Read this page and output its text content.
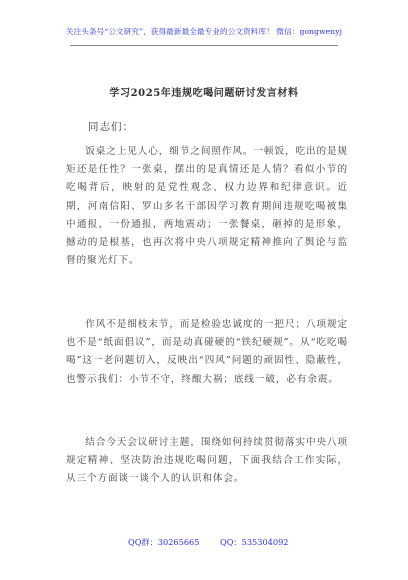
关注头条号“公文研究”，获得最新最全最专业的公文资料库！ 微信：gongwenyj
学习2025年违规吃喝问题研讨发言材料
同志们：

饭桌之上见人心，细节之间照作风。一顿饭，吃出的是规矩还是任性？一张桌，摆出的是真情还是人情？看似小节的吃喝背后，映射的是党性观念、权力边界和纪律意识。近期，河南信阳、罗山多名干部因学习教育期间违规吃喝被集中通报，一份通报，两地震动；一张餐桌，砸掉的是形象，撼动的是根基，也再次将中央八项规定精神推向了舆论与监督的聚光灯下。

作风不是细枝末节，而是检验忠诚度的一把尺；八项规定也不是“纸面倡议”，而是动真碰硬的“铁纪硬规”。从“吃吃喝喝”这一老问题切入，反映出“四风”问题的顽固性、隐蔽性，也警示我们：小节不守，终酿大祸；底线一破，必有余震。

结合今天会议研讨主题，围绕如何持续贯彻落实中央八项规定精神、坚决防治违规吃喝问题，下面我结合工作实际，从三个方面谈一谈个人的认识和体会。

QQ群：30265665	QQ：535304092
